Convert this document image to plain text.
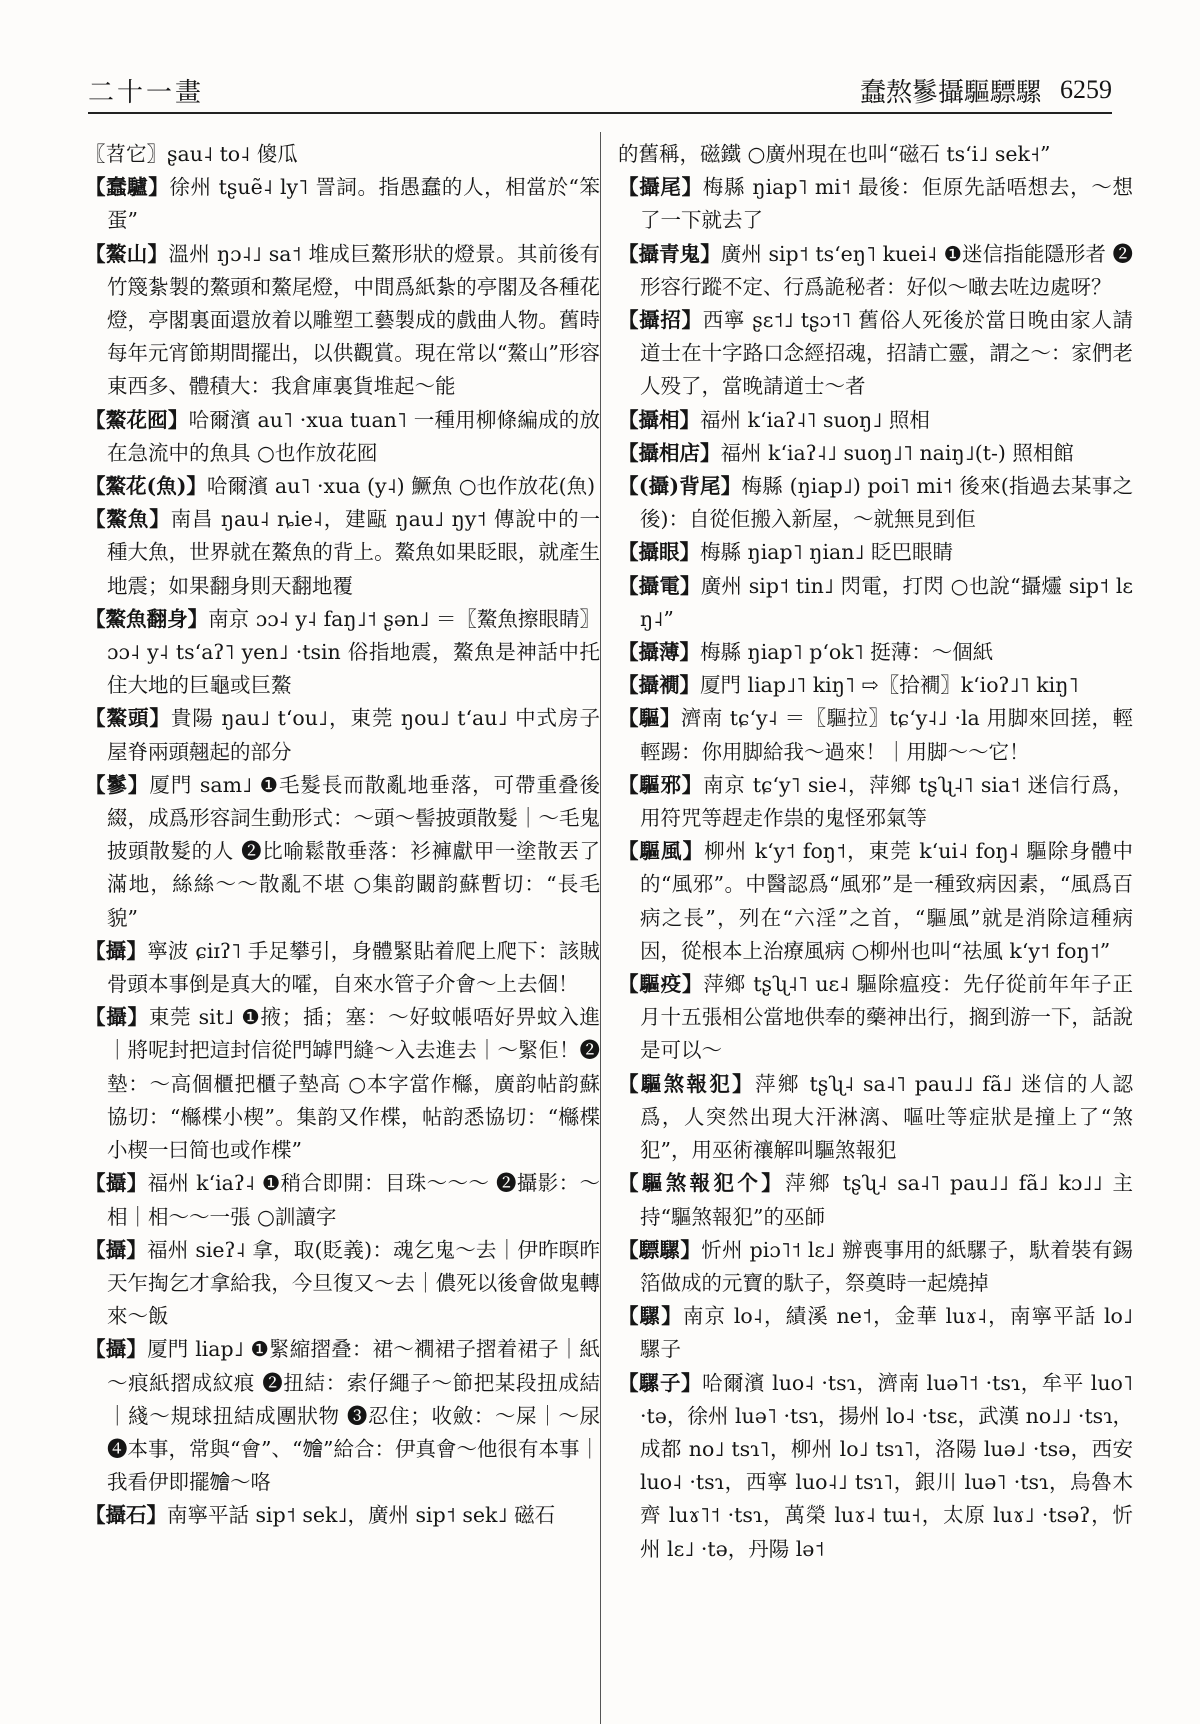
二十一畫	蠢熬鬖攝驅驃騾 6259

〖苕它〗ʂau˨ to˨ 傻瓜

【蠢驢】徐州 tʂuẽ˨ ly˥ 詈詞。指愚蠢的人，相當於“笨蛋”

【鰲山】溫州 ŋɔ˨˩ sa˦ 堆成巨鰲形狀的燈景。其前後有竹篾紮製的鰲頭和鰲尾燈，中間爲紙紮的亭閣及各種花燈，亭閣裏面還放着以雕塑工藝製成的戲曲人物。舊時每年元宵節期間擺出，以供觀賞。現在常以“鰲山”形容東西多、體積大：我倉庫裏貨堆起～能

【鰲花囮】哈爾濱 au˥ ·xua tuan˥ 一種用柳條編成的放在急流中的魚具 ○也作放花囮

【鰲花(魚)】哈爾濱 au˥ ·xua (y˨) 鱖魚 ○也作放花(魚)

【鰲魚】南昌 ŋau˨ ȵie˨，建甌 ŋau˩ ŋy˦ 傳說中的一種大魚，世界就在鰲魚的背上。鰲魚如果眨眼，就產生地震；如果翻身則天翻地覆

【鰲魚翻身】南京 ɔɔ˨ y˨ faŋ˩˦ ʂən˩ ＝〖鰲魚擦眼睛〗ɔɔ˨ y˨ tsʻaʔ˥ yen˩ ·tsin 俗指地震，鰲魚是神話中托住大地的巨龜或巨鰲

【鰲頭】貴陽 ŋau˩ tʻou˩，東莞 ŋou˩ tʻau˩ 中式房子屋脊兩頭翹起的部分

【鬖】厦門 sam˩ ❶毛髮長而散亂地垂落，可帶重叠後綴，成爲形容詞生動形式：～頭～髻披頭散髮｜～毛鬼披頭散髮的人 ❷比喻鬆散垂落：衫褲獻甲一塗散丟了滿地，絲絲～～散亂不堪 ○集韵闞韵蘇暫切：“長毛貌”

【攝】寧波 ɕiɪʔ˥ 手足攀引，身體緊貼着爬上爬下：該賊骨頭本事倒是真大的嚯，自來水管子介會～上去個！

【攝】東莞 sit˩ ❶掖；插；塞：～好蚊帳唔好畀蚊入進｜將呢封把這封信從門罅門縫～入去進去｜～緊佢！❷墊：～高個櫃把櫃子墊高 ○本字當作㰃，廣韵帖韵蘇協切：“㰃楪小楔”。集韵又作楪，帖韵悉協切：“㰃楪小楔一曰简也或作楪”

【攝】福州 kʻiaʔ˨ ❶稍合即開：目珠～～～ ❷攝影：～相｜相～～一張 ○訓讀字

【攝】福州 sieʔ˨ 拿，取(貶義)：魂乞鬼～去｜伊昨暝昨天乍掏乞才拿給我，今旦復又～去｜儂死以後會做鬼轉來～飯

【攝】厦門 liap˩ ❶緊縮摺叠：裙～襉裙子摺着裙子｜紙～痕紙摺成紋痕 ❷扭結：索仔繩子～節把某段扭成結｜綫～規球扭結成團狀物 ❸忍住；收斂：～屎｜～尿 ❹本事，常與“會”、“𣍐”給合：伊真會～他很有本事｜我看伊即擺𣍐～咯

【攝石】南寧平話 sip˦ sek˩，廣州 sip˦ sek˩ 磁石

的舊稱，磁鐵 ○廣州現在也叫“磁石 tsʻi˩ sek˧”

【攝尾】梅縣 ŋiap˥ mi˦ 最後：佢原先話唔想去，～想了一下就去了

【攝青鬼】廣州 sip˦ tsʻeŋ˥ kuei˨ ❶迷信指能隱形者 ❷形容行蹤不定、行爲詭秘者：好似～噉去咗边處呀？

【攝招】西寧 ʂɛ˦˩ tʂɔ˦˥ 舊俗人死後於當日晚由家人請道士在十字路口念經招魂，招請亡靈，謂之～：家們老人殁了，當晚請道士～者

【攝相】福州 kʻiaʔ˨˥ suoŋ˩ 照相

【攝相店】福州 kʻiaʔ˨˩ suoŋ˩˥ naiŋ˩(t-) 照相館

【(攝)背尾】梅縣 (ŋiap˩) poi˥ mi˦ 後來(指過去某事之後)：自從佢搬入新屋，～就無見到佢

【攝眼】梅縣 ŋiap˥ ŋian˩ 眨巴眼睛

【攝電】廣州 sip˦ tin˩ 閃電，打閃 ○也說“攝爧 sip˦ lɛŋ˨”

【攝薄】梅縣 ŋiap˥ pʻok˥ 挺薄：～個紙

【攝襉】厦門 liap˩˥ kiŋ˥ ⇨〖拾襉〗kʻioʔ˩˥ kiŋ˥

【驅】濟南 tɕʻy˨ ＝〖驅拉〗tɕʻy˨˩ ·la 用脚來回搓，輕輕踢：你用脚給我～過來！｜用脚～～它！

【驅邪】南京 tɕʻy˥ sie˨，萍鄉 tʂʯ˨˥ sia˦ 迷信行爲，用符咒等趕走作祟的鬼怪邪氣等

【驅風】柳州 kʻy˦ foŋ˦，東莞 kʻui˨ foŋ˨ 驅除身體中的“風邪”。中醫認爲“風邪”是一種致病因素，“風爲百病之長”，列在“六淫”之首，“驅風”就是消除這種病因，從根本上治療風病 ○柳州也叫“祛風 kʻy˦ foŋ˦”

【驅疫】萍鄉 tʂʯ˨˥ uɛ˨ 驅除瘟疫：先仔從前年年子正月十五張相公當地供奉的藥神出行，搁到游一下，話說是可以～

【驅煞報犯】萍鄉 tʂʯ˨ sa˨˥ pau˩˩ fã˩ 迷信的人認爲，人突然出現大汗淋漓、嘔吐等症狀是撞上了“煞犯”，用巫術禳解叫驅煞報犯

【驅煞報犯个】萍鄉 tʂʯ˨ sa˨˥ pau˩˩ fã˩ kɔ˩˩ 主持“驅煞報犯”的巫師

【驃騾】忻州 piɔ˥˦ lɛ˩ 辦喪事用的紙騾子，馱着裝有錫箔做成的元寶的馱子，祭奠時一起燒掉

【騾】南京 lo˨，績溪 ne˦，金華 luɤ˨，南寧平話 lo˩ 騾子

【騾子】哈爾濱 luo˨ ·tsɿ，濟南 luə˥˦ ·tsɿ，牟平 luo˥ ·tə，徐州 luə˥ ·tsɿ，揚州 lo˨ ·tsɛ，武漢 no˩˩ ·tsɿ，成都 no˩ tsɿ˥，柳州 lo˩ tsɿ˥，洛陽 luə˩ ·tsə，西安 luo˨ ·tsɿ，西寧 luo˨˩ tsɿ˥，銀川 luə˥ ·tsɿ，烏魯木齊 luɤ˥˦ ·tsɿ，萬榮 luɤ˨ tɯ˧，太原 luɤ˩ ·tsəʔ，忻州 lɛ˩ ·tə，丹陽 lə˦
